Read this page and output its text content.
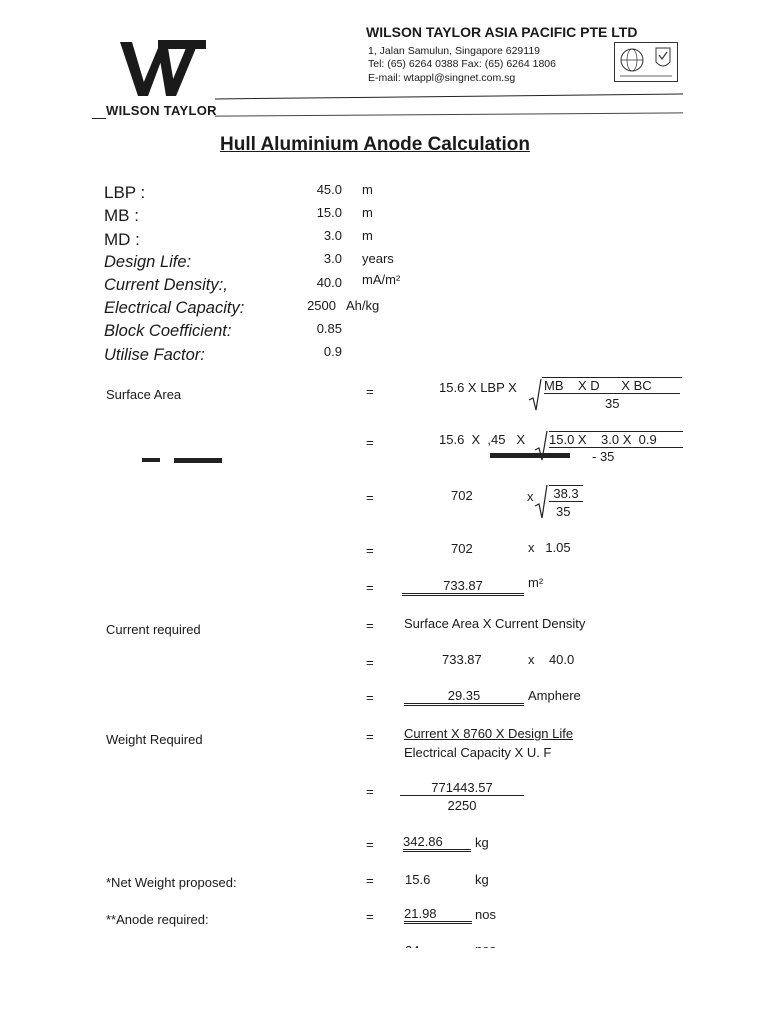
WILSON TAYLOR
WILSON TAYLOR ASIA PACIFIC PTE LTD
1, Jalan Samulun, Singapore 629119
Tel: (65) 6264 0388 Fax: (65) 6264 1806
E-mail: wtappl@singnet.com.sg
Hull Aluminium Anode Calculation
LBP :	45.0 m
MB :	15.0 m
MD :	3.0 m
Design Life:	3.0 years
Current Density:,	40.0 mA/m²
Electrical Capacity:	2500 Ah/kg
Block Coefficient:	0.85
Utilise Factor:	0.9
Surface Area	=	15.6 X LBP X MB    X D      X BC
35
=	15.6  X  ,45   X 15.0 X    3.0 X  0.9
- 35
=	702	x	38.3
35
=	702	x   1.05
=	733.87	m²
Current required	= Surface Area X Current Density
=	733.87	x    40.0
=	29.35	Amphere
Weight Required	= Current X 8760 X Design Life
Electrical Capacity X U. F
=	771443.57
2250
= 342.86	kg
*Net Weight proposed:	= 15.6	kg
**Anode required:	= 21.98	nos
